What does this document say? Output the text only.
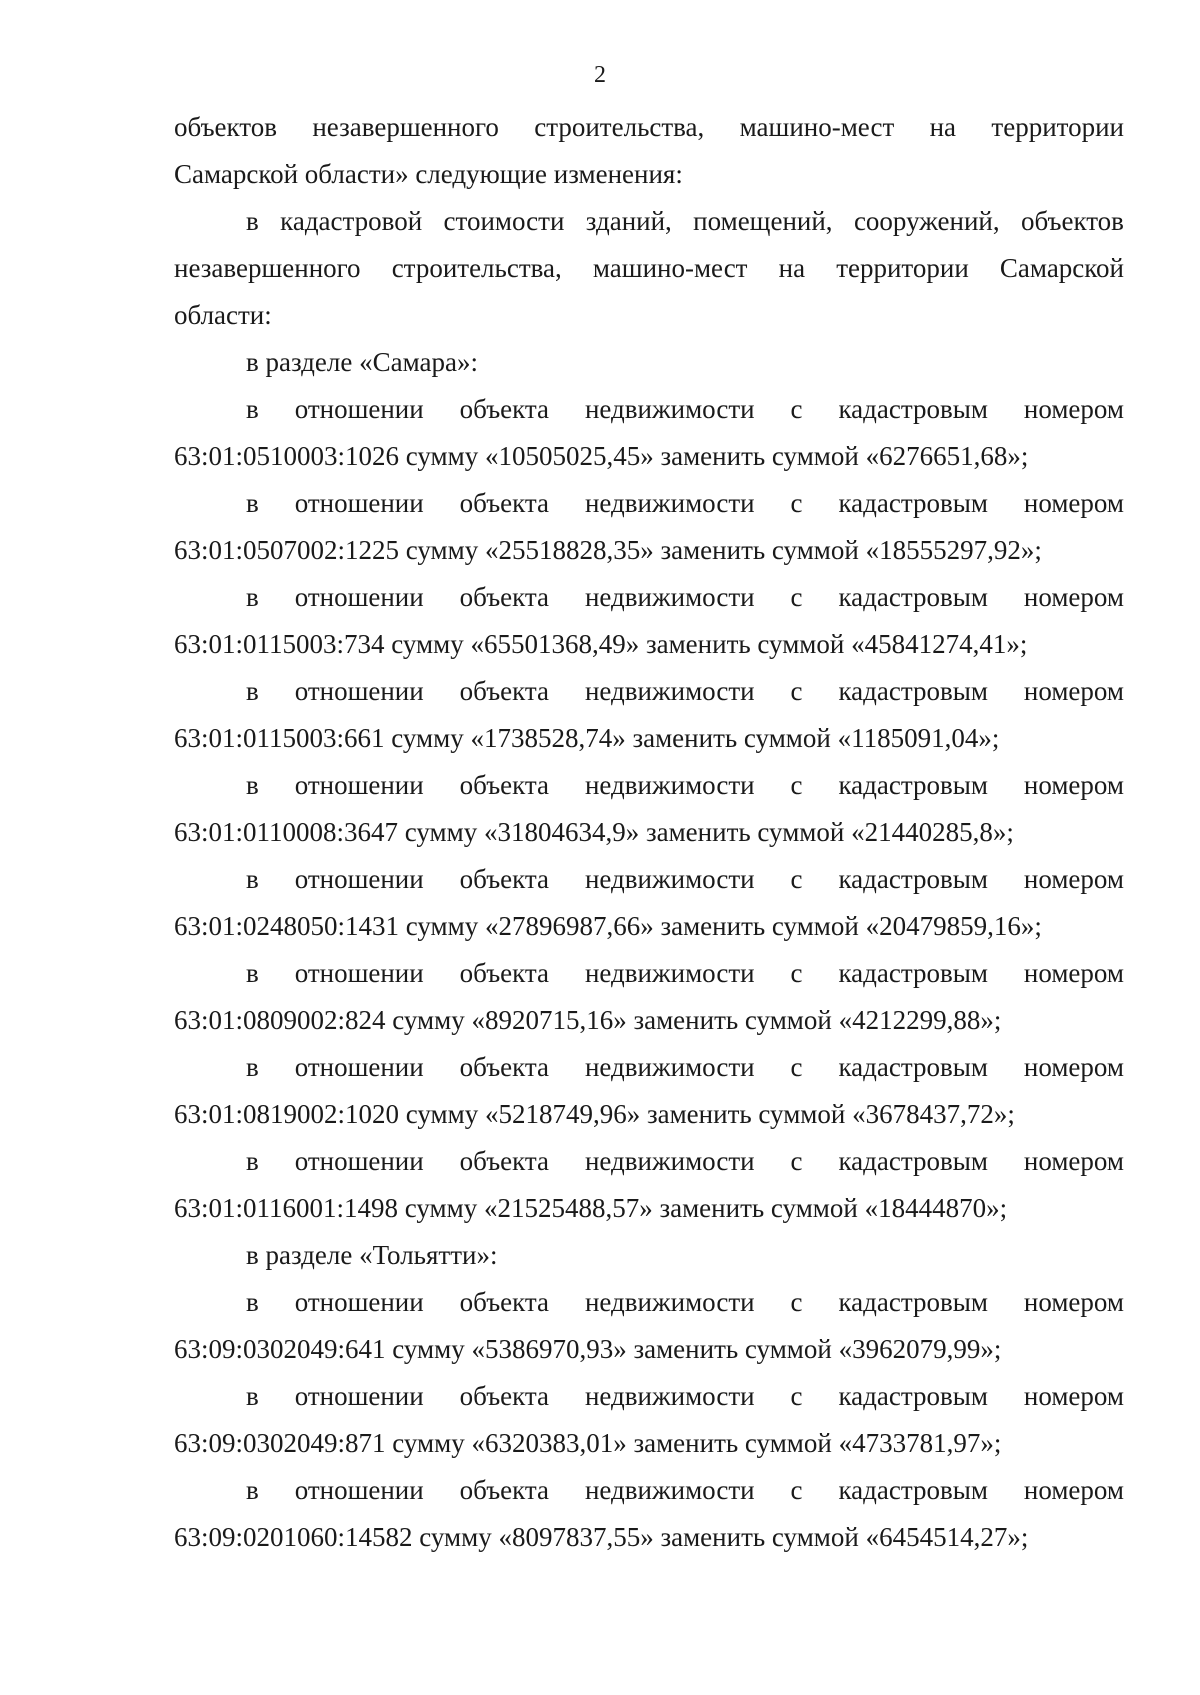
2
объектов незавершенного строительства, машино-мест на территории
Самарской области» следующие изменения:
в кадастровой стоимости зданий, помещений, сооружений, объектов
незавершенного строительства, машино-мест на территории Самарской
области:
в разделе «Самара»:
в отношении объекта недвижимости с кадастровым номером
63:01:0510003:1026 сумму «10505025,45» заменить суммой «6276651,68»;
в отношении объекта недвижимости с кадастровым номером
63:01:0507002:1225 сумму «25518828,35» заменить суммой «18555297,92»;
в отношении объекта недвижимости с кадастровым номером
63:01:0115003:734 сумму «65501368,49» заменить суммой «45841274,41»;
в отношении объекта недвижимости с кадастровым номером
63:01:0115003:661 сумму «1738528,74» заменить суммой «1185091,04»;
в отношении объекта недвижимости с кадастровым номером
63:01:0110008:3647 сумму «31804634,9» заменить суммой «21440285,8»;
в отношении объекта недвижимости с кадастровым номером
63:01:0248050:1431 сумму «27896987,66» заменить суммой «20479859,16»;
в отношении объекта недвижимости с кадастровым номером
63:01:0809002:824 сумму «8920715,16» заменить суммой «4212299,88»;
в отношении объекта недвижимости с кадастровым номером
63:01:0819002:1020 сумму «5218749,96» заменить суммой «3678437,72»;
в отношении объекта недвижимости с кадастровым номером
63:01:0116001:1498 сумму «21525488,57» заменить суммой «18444870»;
в разделе «Тольятти»:
в отношении объекта недвижимости с кадастровым номером
63:09:0302049:641 сумму «5386970,93» заменить суммой «3962079,99»;
в отношении объекта недвижимости с кадастровым номером
63:09:0302049:871 сумму «6320383,01» заменить суммой «4733781,97»;
в отношении объекта недвижимости с кадастровым номером
63:09:0201060:14582 сумму «8097837,55» заменить суммой «6454514,27»;
